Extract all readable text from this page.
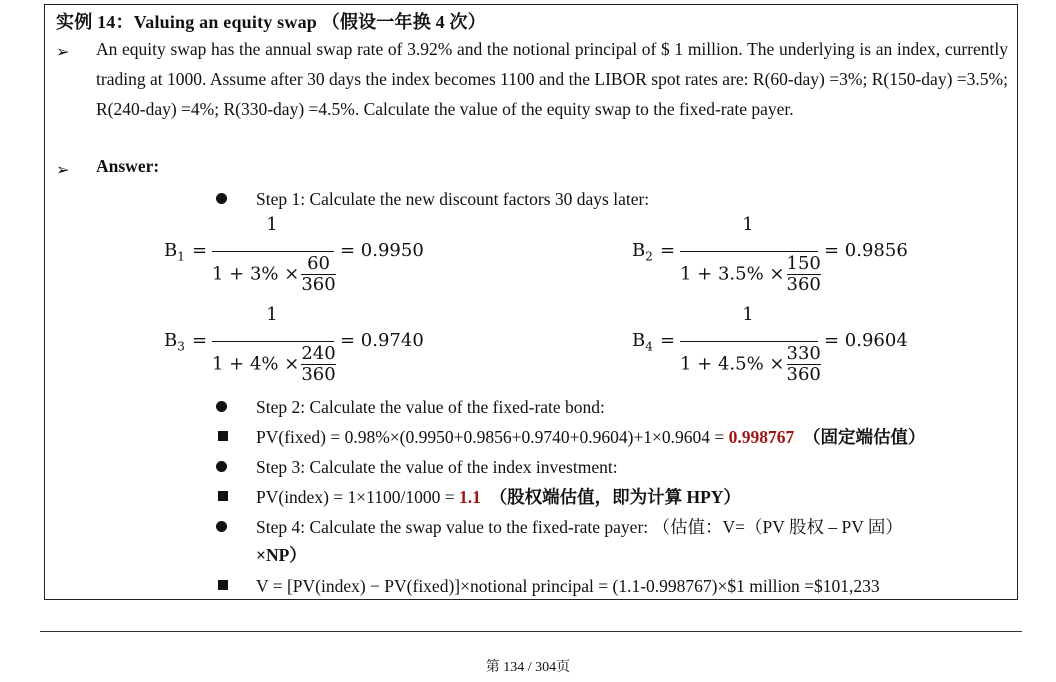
实例 14：Valuing an equity swap （假设一年换 4 次）
➢ An equity swap has the annual swap rate of 3.92% and the notional principal of $ 1 million. The underlying is an index, currently trading at 1000. Assume after 30 days the index becomes 1100 and the LIBOR spot rates are: R(60-day) =3%; R(150-day) =3.5%; R(240-day) =4%; R(330-day) =4.5%. Calculate the value of the equity swap to the fixed-rate payer.
➢ Answer:
Step 1: Calculate the new discount factors 30 days later:
$B_1$ =
1
$1 + 3\% \times \frac{60}{360}$
= 0.9950	$B_2$ =
1
$1 + 3.5\% \times \frac{150}{360}$
= 0.9856
$B_3$ =
1
$1 + 4\% \times \frac{240}{360}$
= 0.9740	$B_4$ =
1
$1 + 4.5\% \times \frac{330}{360}$
= 0.9604
Step 2: Calculate the value of the fixed-rate bond:
PV(fixed) = 0.98%×(0.9950+0.9856+0.9740+0.9604)+1×0.9604 = 0.998767 （固定端估值）
Step 3: Calculate the value of the index investment:
PV(index) = 1×1100/1000 = 1.1 （股权端估值，即为计算 HPY）
Step 4: Calculate the swap value to the fixed-rate payer: （估值：V=（PV 股权 – PV 固）
×NP）
V = [PV(index) − PV(fixed)]×notional principal = (1.1-0.998767)×$1 million =$101,233
第 134 / 304页
